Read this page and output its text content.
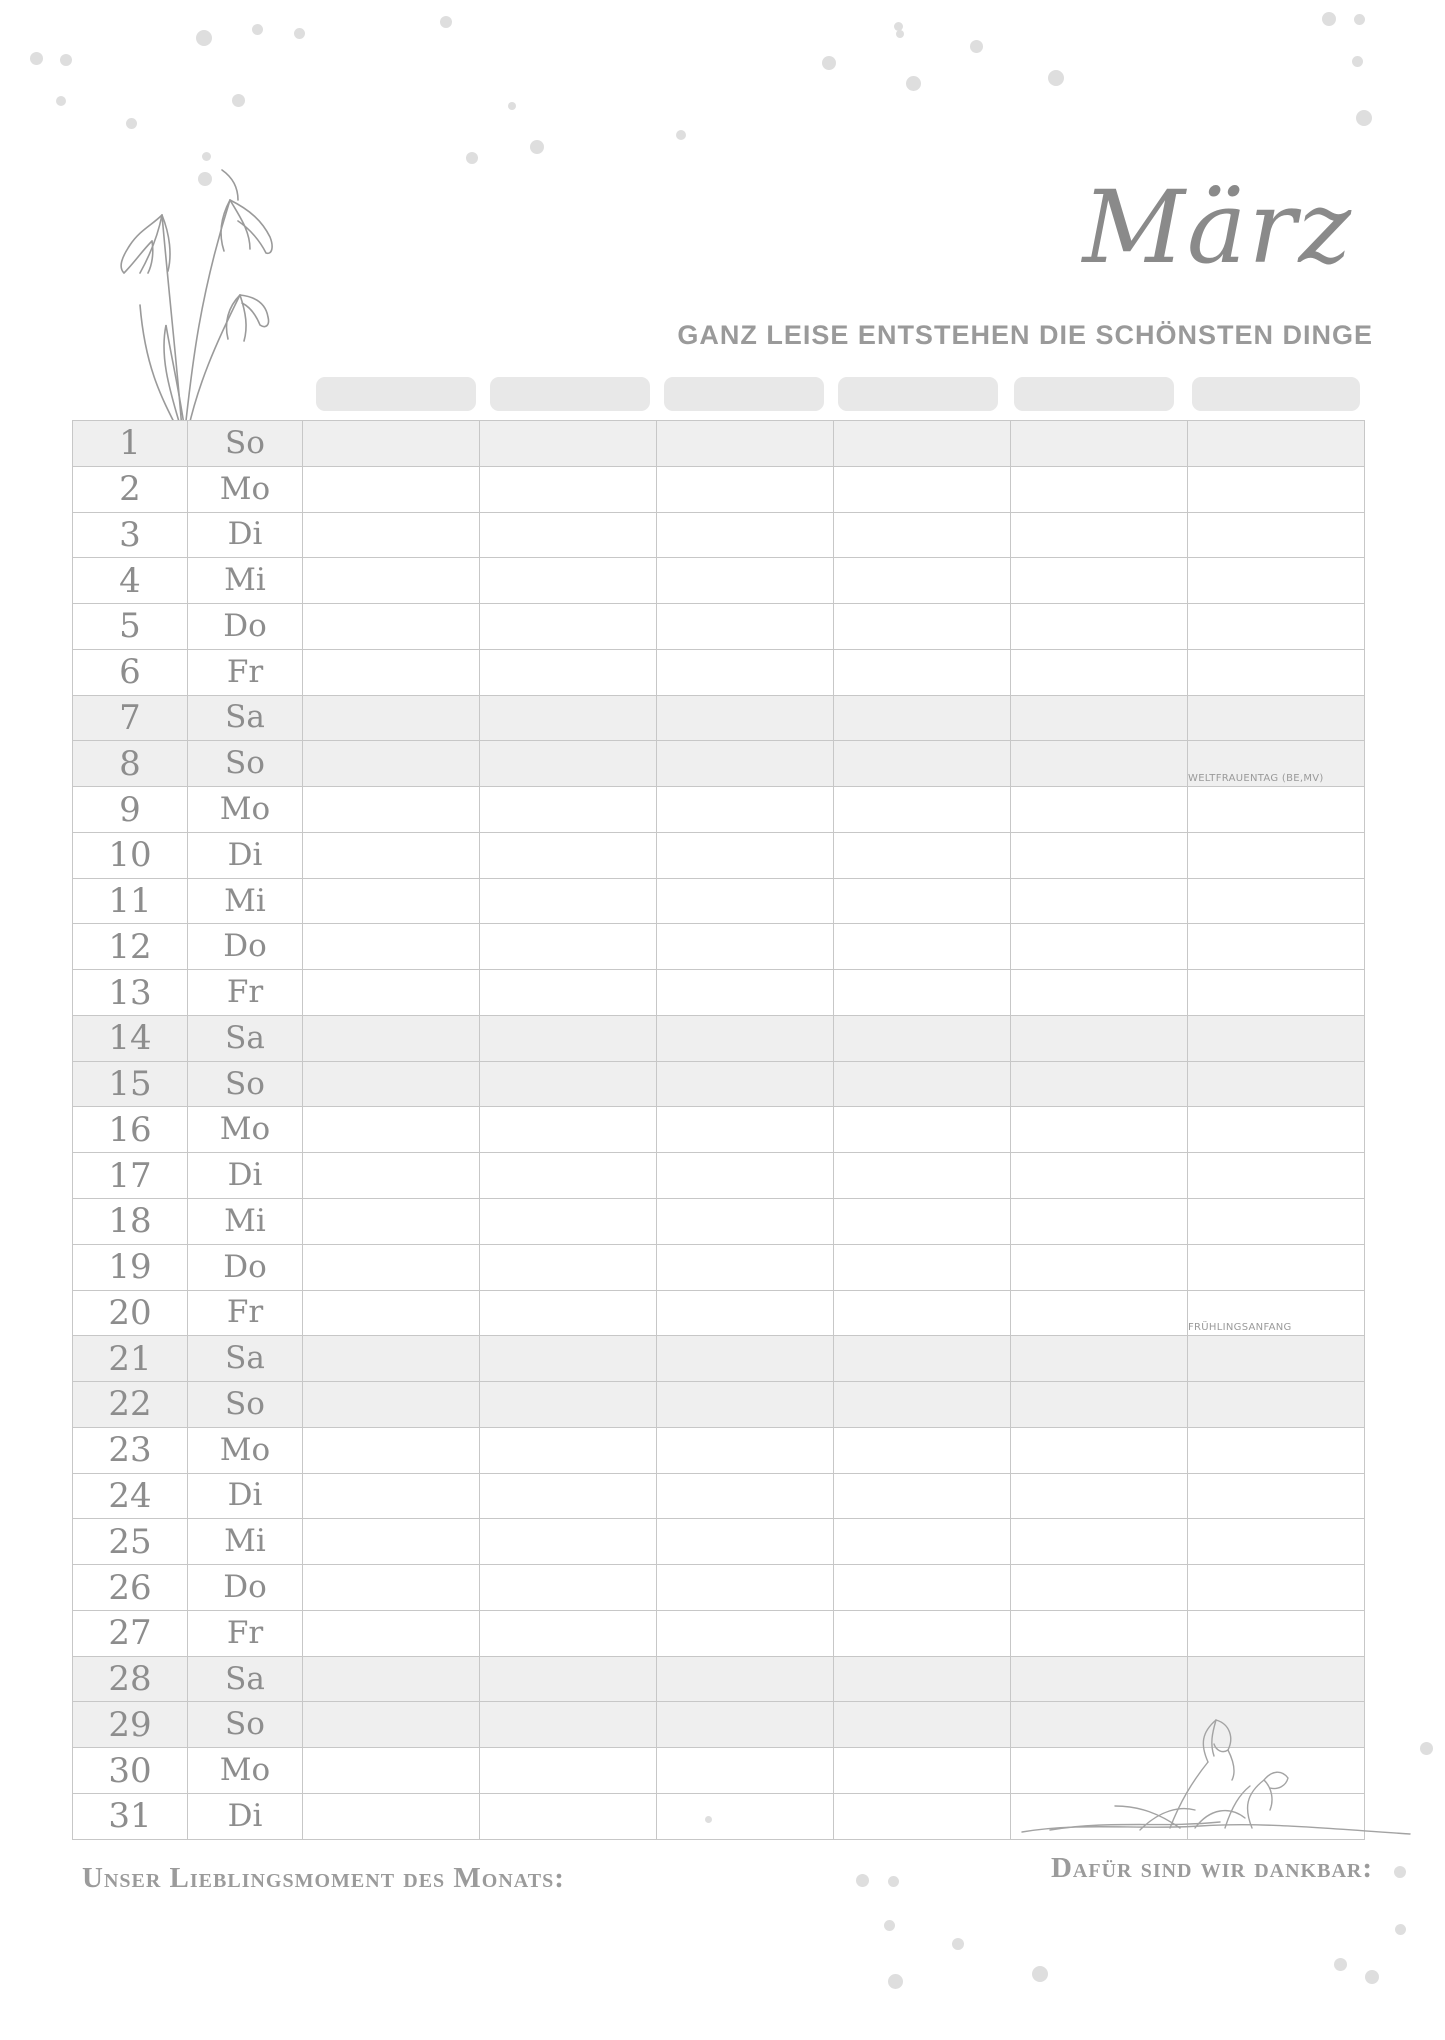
März
GANZ LEISE ENTSTEHEN DIE SCHÖNSTEN DINGE
1	So						
2	Mo						
3	Di						
4	Mi						
5	Do						
6	Fr						
7	Sa						
8	So						WELTFRAUENTAG (BE,MV)

9	Mo						
10	Di						
11	Mi						
12	Do						
13	Fr						
14	Sa						
15	So						
16	Mo						
17	Di						
18	Mi						
19	Do						
20	Fr						FRÜHLINGSANFANG

21	Sa						
22	So						
23	Mo						
24	Di						
25	Mi						
26	Do						
27	Fr						
28	Sa						
29	So						
30	Mo						
31	Di						
Unser Lieblingsmoment des Monats:	Dafür sind wir dankbar:
